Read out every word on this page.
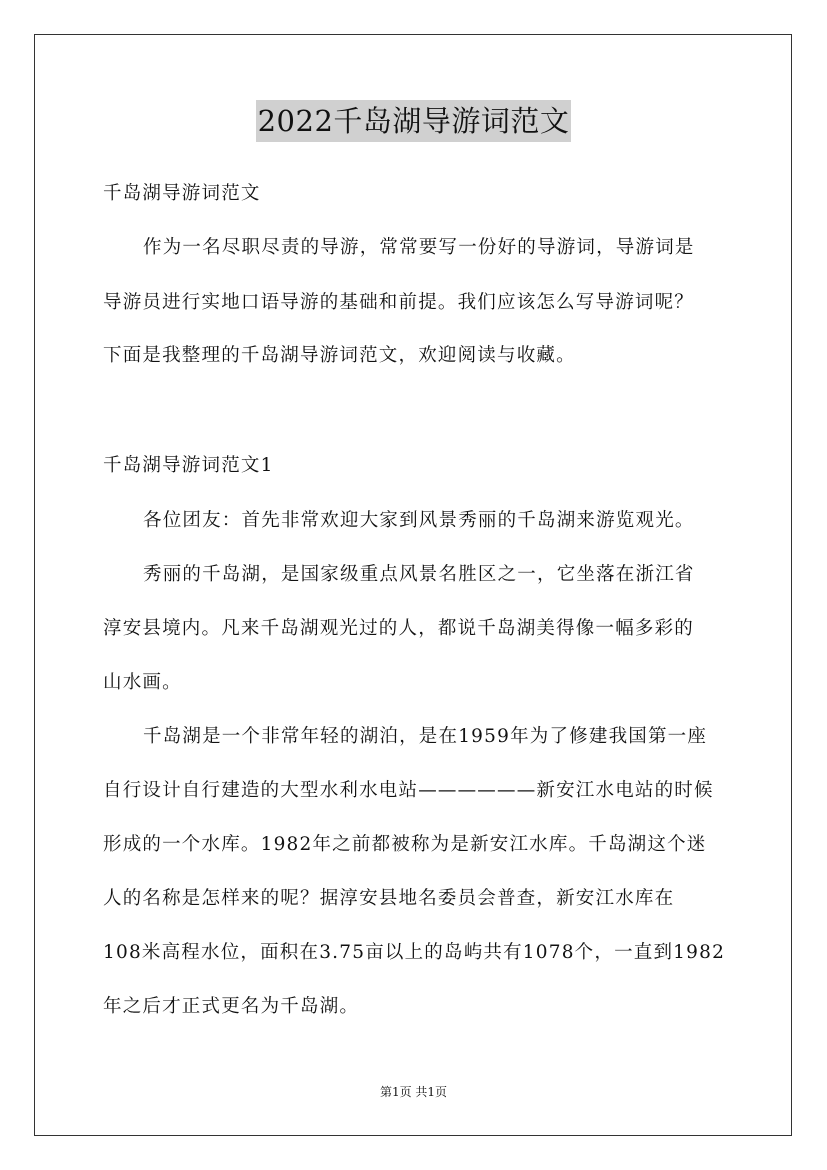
2022千岛湖导游词范文
千岛湖导游词范文
作为一名尽职尽责的导游，常常要写一份好的导游词，导游词是
导游员进行实地口语导游的基础和前提。我们应该怎么写导游词呢？
下面是我整理的千岛湖导游词范文，欢迎阅读与收藏。
千岛湖导游词范文1
各位团友：首先非常欢迎大家到风景秀丽的千岛湖来游览观光。
秀丽的千岛湖，是国家级重点风景名胜区之一，它坐落在浙江省
淳安县境内。凡来千岛湖观光过的人，都说千岛湖美得像一幅多彩的
山水画。
千岛湖是一个非常年轻的湖泊，是在1959年为了修建我国第一座
自行设计自行建造的大型水利水电站——————新安江水电站的时候
形成的一个水库。1982年之前都被称为是新安江水库。千岛湖这个迷
人的名称是怎样来的呢？据淳安县地名委员会普查，新安江水库在
108米高程水位，面积在3.75亩以上的岛屿共有1078个，一直到1982
年之后才正式更名为千岛湖。
第1页 共1页
